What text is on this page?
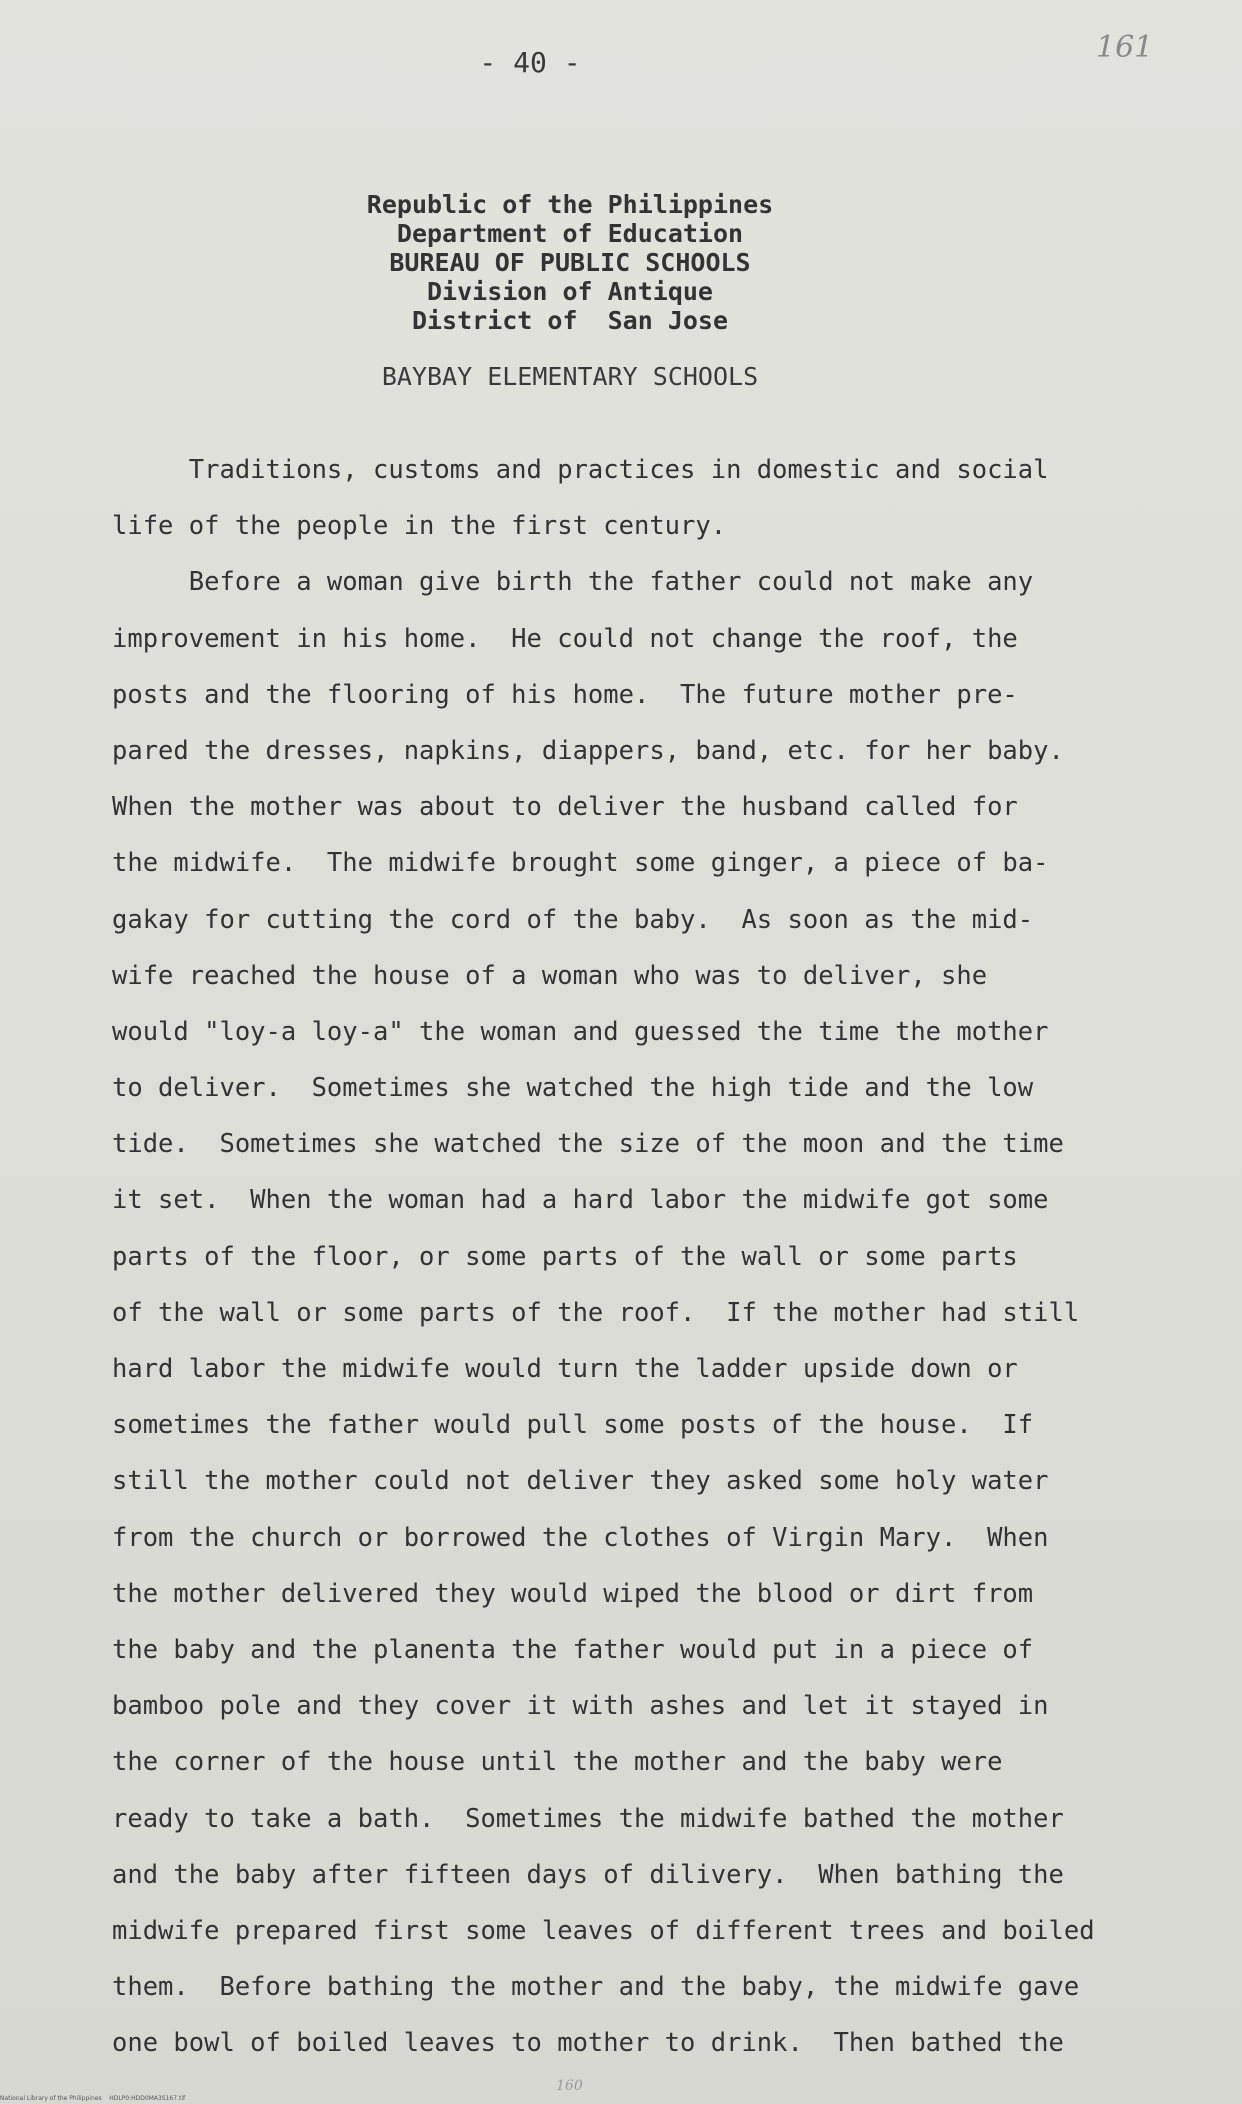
- 40 -	161
Republic of the Philippines
Department of Education
BUREAU OF PUBLIC SCHOOLS
Division of Antique
District of  San Jose
BAYBAY ELEMENTARY SCHOOLS
Traditions, customs and practices in domestic and social
life of the people in the first century.
Before a woman give birth the father could not make any
improvement in his home.  He could not change the roof, the
posts and the flooring of his home.  The future mother pre-
pared the dresses, napkins, diappers, band, etc. for her baby.
When the mother was about to deliver the husband called for
the midwife.  The midwife brought some ginger, a piece of ba-
gakay for cutting the cord of the baby.  As soon as the mid-
wife reached the house of a woman who was to deliver, she
would "loy-a loy-a" the woman and guessed the time the mother
to deliver.  Sometimes she watched the high tide and the low
tide.  Sometimes she watched the size of the moon and the time
it set.  When the woman had a hard labor the midwife got some
parts of the floor, or some parts of the wall or some parts
of the wall or some parts of the roof.  If the mother had still
hard labor the midwife would turn the ladder upside down or
sometimes the father would pull some posts of the house.  If
still the mother could not deliver they asked some holy water
from the church or borrowed the clothes of Virgin Mary.  When
the mother delivered they would wiped the blood or dirt from
the baby and the planenta the father would put in a piece of
bamboo pole and they cover it with ashes and let it stayed in
the corner of the house until the mother and the baby were
ready to take a bath.  Sometimes the midwife bathed the mother
and the baby after fifteen days of dilivery.  When bathing the
midwife prepared first some leaves of different trees and boiled
them.  Before bathing the mother and the baby, the midwife gave
one bowl of boiled leaves to mother to drink.  Then bathed the
160
National Library of the Philippines    HDLP0:HDD0MA3S167.tif
